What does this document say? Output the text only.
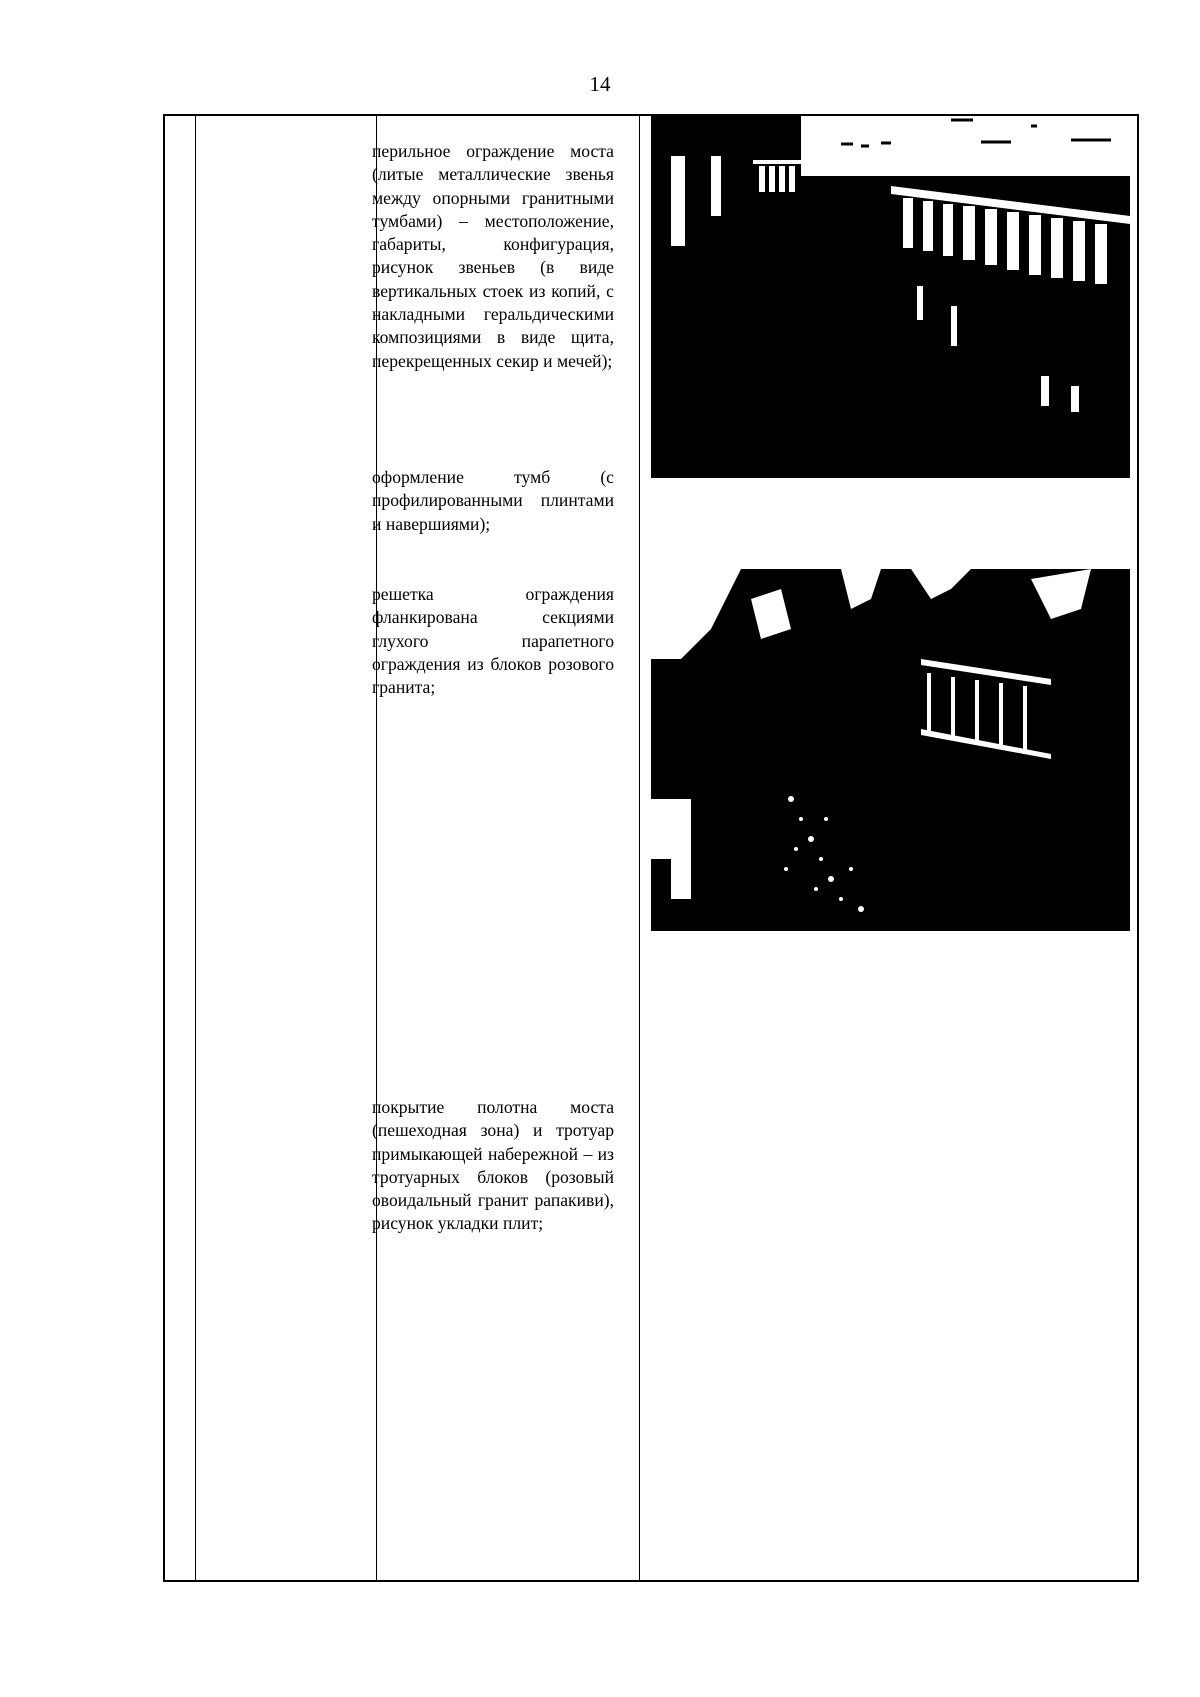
14
перильное ограждение моста (литые металлические звенья между опорными гранитными тумбами) – местоположение, габариты, конфигурация, рисунок звеньев (в виде вертикальных стоек из копий, с накладными геральдическими композициями в виде щита, перекрещенных секир и мечей);
оформление тумб (с профилированными плинтами и навершиями);
решетка ограждения фланкирована секциями глухого парапетного ограждения из блоков розового гранита;
покрытие полотна моста (пешеходная зона) и тротуар примыкающей набережной – из тротуарных блоков (розовый овоидальный гранит рапакиви), рисунок укладки плит;
